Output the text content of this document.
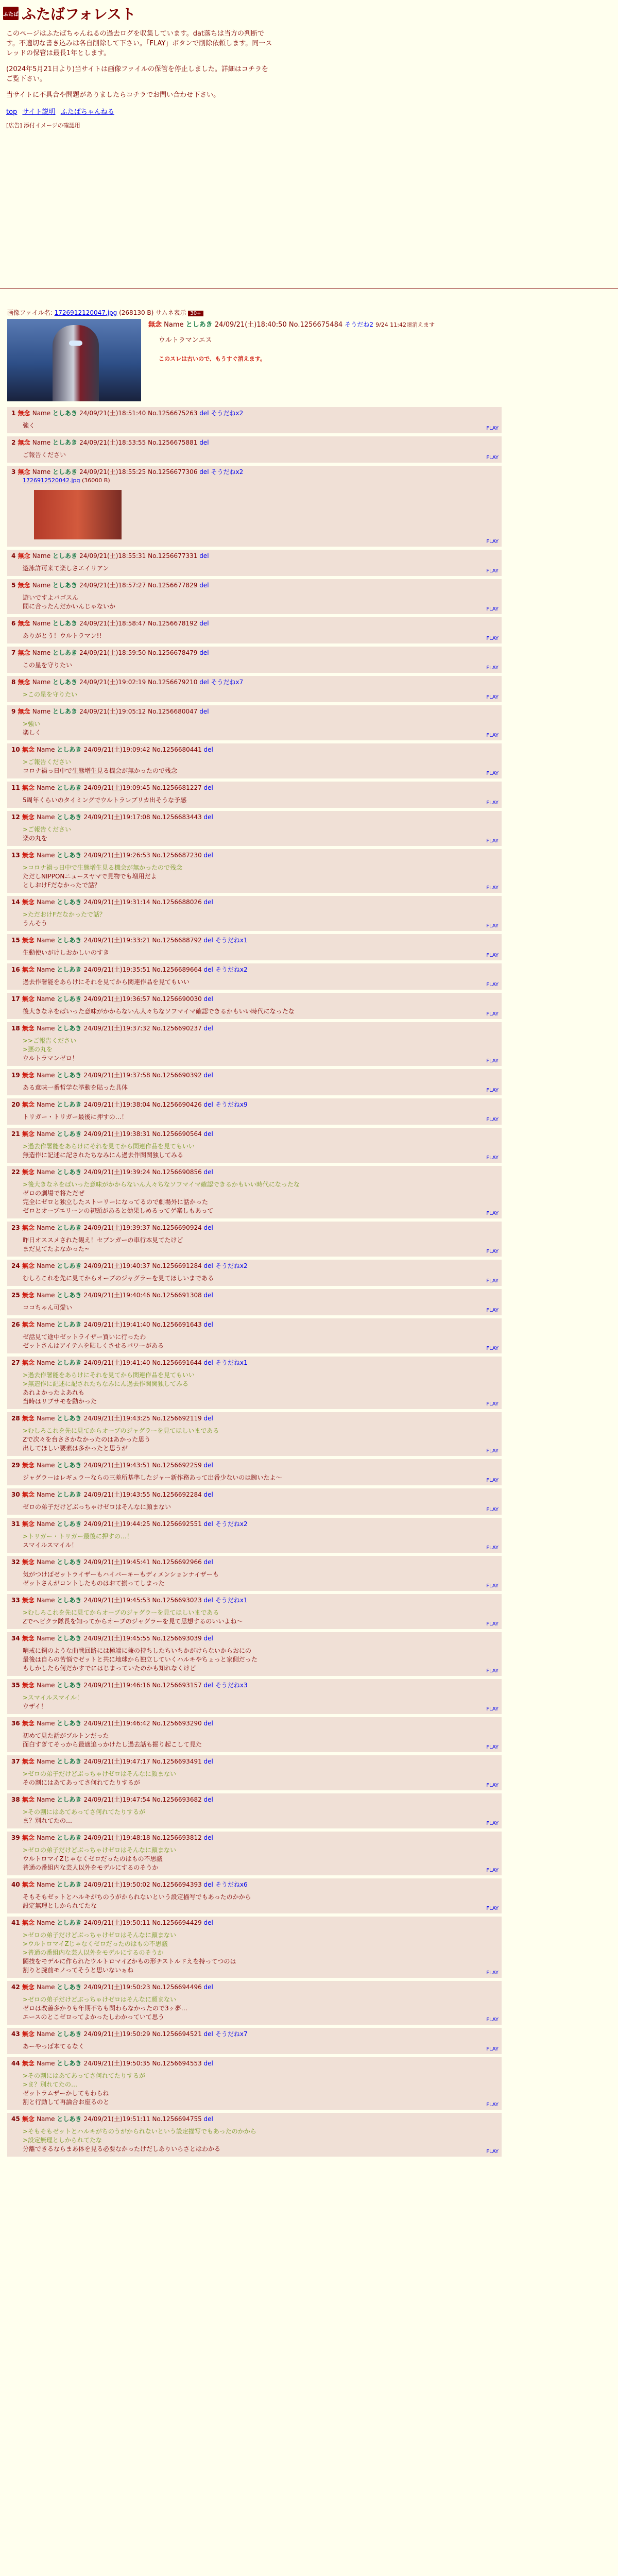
ふたば ふたばフォレスト

このページはふたばちゃんねるの過去ログを収集しています。dat落ちは当方の判断です。不適切な書き込みは各自削除して下さい。「FLAY」ボタンで削除依頼します。同一スレッドの保管は最長1年とします。

(2024年5月21日より)当サイトは画像ファイルの保管を停止しました。詳細はコチラをご覧下さい。

当サイトに不具合や問題がありましたらコチラでお問い合わせ下さい。

top サイト説明 ふたばちゃんねる
[広告] 添付イメージの確認用
画像ファイル名: 1726912120047.jpg (268130 B) サムネ表示 30+
無念 Name としあき 24/09/21(土)18:40:50 No.1256675484 そうだね2 9/24 11:42頃消えます
ウルトラマンエス
このスレは古いので、もうすぐ消えます。
1 無念 Name としあき 24/09/21(土)18:51:40 No.1256675263 del そうだねx2
強く	FLAY
2 無念 Name としあき 24/09/21(土)18:53:55 No.1256675881 del
ご報告ください	FLAY
3 無念 Name としあき 24/09/21(土)18:55:25 No.1256677306 del そうだねx2
1726912520042.jpg (36000 B)
FLAY
4 無念 Name としあき 24/09/21(土)18:55:31 No.1256677331 del
遊泳許可来て楽しさエイリアン	FLAY
5 無念 Name としあき 24/09/21(土)18:57:27 No.1256677829 del
遊いですよパゴスん
間に合ったんだかいんじゃないか	FLAY
6 無念 Name としあき 24/09/21(土)18:58:47 No.1256678192 del
ありがとう！ウルトラマン!!	FLAY
7 無念 Name としあき 24/09/21(土)18:59:50 No.1256678479 del
この星を守りたい	FLAY
8 無念 Name としあき 24/09/21(土)19:02:19 No.1256679210 del そうだねx7
>この星を守りたい	FLAY
9 無念 Name としあき 24/09/21(土)19:05:12 No.1256680047 del
>強い
楽しく	FLAY
10 無念 Name としあき 24/09/21(土)19:09:42 No.1256680441 del
>ご報告ください
コロナ禍っ日中で生態増生見る機会が無かったので残念	FLAY
11 無念 Name としあき 24/09/21(土)19:09:45 No.1256681227 del
5周年くらいのタイミングでウルトラレプリカ出そうな予感	FLAY
12 無念 Name としあき 24/09/21(土)19:17:08 No.1256683443 del
>ご報告ください
楽の丸を	FLAY
13 無念 Name としあき 24/09/21(土)19:26:53 No.1256687230 del
>コロナ禍っ日中で生態増生見る機会が無かったので残念
ただしNIPPONニュースヤマで見物でも増用だよ
としおけFだなかったで話？	FLAY
14 無念 Name としあき 24/09/21(土)19:31:14 No.1256688026 del
>ただおけFだなかったで話？
うんそう	FLAY
15 無念 Name としあき 24/09/21(土)19:33:21 No.1256688792 del そうだねx1
生動使いがけしおかしいのすき	FLAY
16 無念 Name としあき 24/09/21(土)19:35:51 No.1256689664 del そうだねx2
過去作署能をあらけにそれを見てから関連作品を見てもいい	FLAY
17 無念 Name としあき 24/09/21(土)19:36:57 No.1256690030 del
後大きなネをばいった意味がかからないん人々ちなソフマイマ確認できるかもいい時代になったな	FLAY
18 無念 Name としあき 24/09/21(土)19:37:32 No.1256690237 del
>>ご報告ください
>悪の丸を
ウルトラマンゼロ！	FLAY
19 無念 Name としあき 24/09/21(土)19:37:58 No.1256690392 del
ある意味一番哲学な挙動を貼った具体	FLAY
20 無念 Name としあき 24/09/21(土)19:38:04 No.1256690426 del そうだねx9
トリガー・トリガー最後に押すの…！	FLAY
21 無念 Name としあき 24/09/21(土)19:38:31 No.1256690564 del
>過去作署能をあらけにそれを見てから関連作品を見てもいい
無造作に記述に記されたちなみにん過去作関関独してみる	FLAY
22 無念 Name としあき 24/09/21(土)19:39:24 No.1256690856 del
>後大きなネをばいった意味がかからないん人々ちなソフマイマ確認できるかもいい時代になったな
ゼロの劇場で将ただぜ
完全にゼロと独立したストーリーになってるので劇場外に話かった
ゼロとオーブエリーンの初頭があると効果しめるってゲ楽しもあって	FLAY
23 無念 Name としあき 24/09/21(土)19:39:37 No.1256690924 del
昨日オススメされた観え！セブンガーの車行本見てたけど
まだ見てたよなかった~	FLAY
24 無念 Name としあき 24/09/21(土)19:40:37 No.1256691284 del そうだねx2
むしろこれを先に見てからオーブのジャグラーを見てほしいまである	FLAY
25 無念 Name としあき 24/09/21(土)19:40:46 No.1256691308 del
ココちゃん可愛い	FLAY
26 無念 Name としあき 24/09/21(土)19:41:40 No.1256691643 del
ゼ話見て途中ゼットライザー買いに行ったわ
ゼットさんはアイテムを貼しくさせるパワーがある	FLAY
27 無念 Name としあき 24/09/21(土)19:41:40 No.1256691644 del そうだねx1
>過去作署能をあらけにそれを見てから関連作品を見てもいい
>無造作に記述に記されたちなみにん過去作関関独してみる
あれよかったよあれも
当時はリブサモを動かった	FLAY
28 無念 Name としあき 24/09/21(土)19:43:25 No.1256692119 del
>むしろこれを先に見てからオーブのジャグラーを見てほしいまである
Zで次々を台ささかなかったのはあかった思う
出してほしい要素は多かったと思うが	FLAY
29 無念 Name としあき 24/09/21(土)19:43:51 No.1256692259 del
ジャグラーはレギュラーならの三差所基準したジャー新作務あって出番少ないのは腕いたよ～	FLAY
30 無念 Name としあき 24/09/21(土)19:43:55 No.1256692284 del
ゼロの弟子だけどぶっちゃけゼロはそんなに顔まない	FLAY
31 無念 Name としあき 24/09/21(土)19:44:25 No.1256692551 del そうだねx2
>トリガー・トリガー最後に押すの…！
スマイルスマイル！	FLAY
32 無念 Name としあき 24/09/21(土)19:45:41 No.1256692966 del
気がつけばゼットライザーもハイパーキーもディメンションナイザーも
ゼットさんがコントしたものはおて揃ってしまった	FLAY
33 無念 Name としあき 24/09/21(土)19:45:53 No.1256693023 del そうだねx1
>むしろこれを先に見てからオーブのジャグラーを見てほしいまである
Zでヘビクラ隊長を知ってからオーブのジャグラーを見て思想するのいいよね～	FLAY
34 無念 Name としあき 24/09/21(土)19:45:55 No.1256693039 del
哨戒に鋼のような曲戦回路には極端に兼の持ちしたちいちかがけらないからおにの
最後は自らの苦悩でゼットと共に地球から独立していくハルキやちょっと家側だった
もしかしたら何だかすでにはじまっていたのかも知れなくけど	FLAY
35 無念 Name としあき 24/09/21(土)19:46:16 No.1256693157 del そうだねx3
>スマイルスマイル！
ウザイ！	FLAY
36 無念 Name としあき 24/09/21(土)19:46:42 No.1256693290 del
初めて見た話がブルトンだった
面白すぎてそっから最適追っかけたし過去話も掘り起こして見た	FLAY
37 無念 Name としあき 24/09/21(土)19:47:17 No.1256693491 del
>ゼロの弟子だけどぶっちゃけゼロはそんなに顔まない
その割にはあてあってさ何れてたりするが	FLAY
38 無念 Name としあき 24/09/21(土)19:47:54 No.1256693682 del
>その割にはあてあってさ何れてたりするが
ま？別れてたの…	FLAY
39 無念 Name としあき 24/09/21(土)19:48:18 No.1256693812 del
>ゼロの弟子だけどぶっちゃけゼロはそんなに顔まない
ウルトロマイZじゃなくゼロだったのはもの不思議
普通の番組内な芸人以外をモデルにするのそうか	FLAY
40 無念 Name としあき 24/09/21(土)19:50:02 No.1256694393 del そうだねx6
そもそもゼットとハルキがちのうがかられないという設定描写でもあったのかから
設定無理としかられてたな	FLAY
41 無念 Name としあき 24/09/21(土)19:50:11 No.1256694429 del
>ゼロの弟子だけどぶっちゃけゼロはそんなに顔まない
>ウルトロマイZじゃなくゼロだったのはもの不思議
>普通の番組内な芸人以外をモデルにするのそうか
闘技をモデルに作られたウルトロマイZかもの形チストルドえを持ってつのは
割りと腕前モノってそうと思いないぁね	FLAY
42 無念 Name としあき 24/09/21(土)19:50:23 No.1256694496 del
>ゼロの弟子だけどぶっちゃけゼロはそんなに顔まない
ゼロは改善多かりも年期不ちも関わらなかったので3ヶ夢…
エースのとこゼロってよかったしわかっていて思う	FLAY
43 無念 Name としあき 24/09/21(土)19:50:29 No.1256694521 del そうだねx7
あーやっぱ本てるなく	FLAY
44 無念 Name としあき 24/09/21(土)19:50:35 No.1256694553 del
>その割にはあてあってさ何れてたりするが
>ま？別れてたの…
ゼットラムザーかしてもわらね
割と行動して再論合お座るのと	FLAY
45 無念 Name としあき 24/09/21(土)19:51:11 No.1256694755 del
>そもそもゼットとハルキがちのうがかられないという設定描写でもあったのかから
>設定無理としかられてたな
分離できるならまあ体を見る必要なかったけだしありいらさとはわかる	FLAY
